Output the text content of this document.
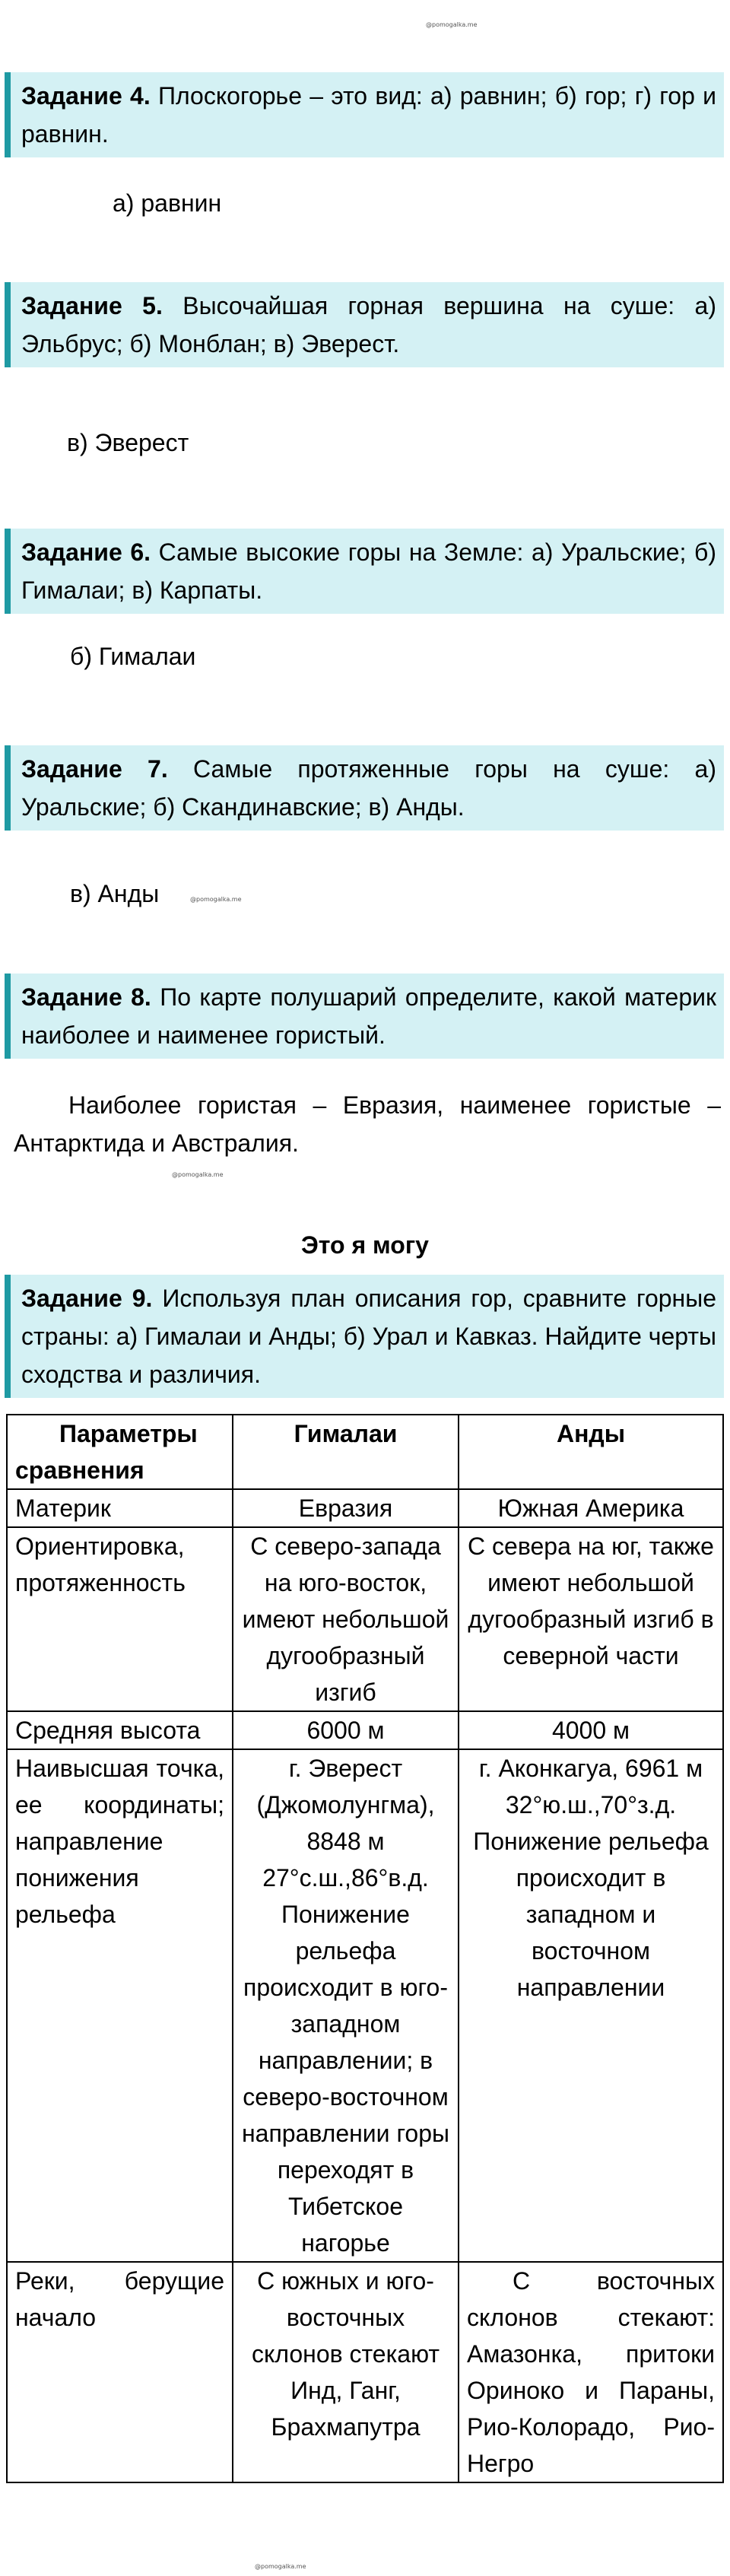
@pomogalka.me
@pomogalka.me
@pomogalka.me
@pomogalka.me
Задание 4. Плоскогорье – это вид: а) равнин; б) гор; г) гор и равнин.
а) равнин
Задание 5. Высочайшая горная вершина на суше: а) Эльбрус; б) Монблан; в) Эверест.
в) Эверест
Задание 6. Самые высокие горы на Земле: а) Уральские; б) Гималаи; в) Карпаты.
б) Гималаи
Задание 7. Самые протяженные горы на суше: а) Уральские; б) Скандинавские; в) Анды.
в) Анды
Задание 8. По карте полушарий определите, какой материк наиболее и наименее гористый.
Наиболее гористая – Евразия, наименее гористые – Антарктида и Австралия.
Это я могу
Задание 9. Используя план описания гор, сравните горные страны: а) Гималаи и Анды; б) Урал и Кавказ. Найдите черты сходства и различия.
Параметры сравнения	Гималаи	Анды
Материк	Евразия	Южная Америка
Ориентировка, протяженность	С северо-запада на юго-восток, имеют небольшой дугообразный изгиб	С севера на юг, также имеют небольшой дугообразный изгиб в северной части
Средняя высота	6000 м	4000 м
Наивысшая точка, ее координаты; направление понижения рельефа	г. Эверест (Джомолунгма), 8848 м 27°с.ш.,86°в.д. Понижение рельефа происходит в юго-западном направлении; в северо-восточном направлении горы переходят в Тибетское нагорье	г. Аконкагуа, 6961 м 32°ю.ш.,70°з.д. Понижение рельефа происходит в западном и восточном направлении
Реки, берущие начало	С южных и юго-восточных склонов стекают Инд, Ганг, Брахмапутра	С восточных склонов стекают: Амазонка, притоки Ориноко и Параны, Рио-Колорадо, Рио-Негро
